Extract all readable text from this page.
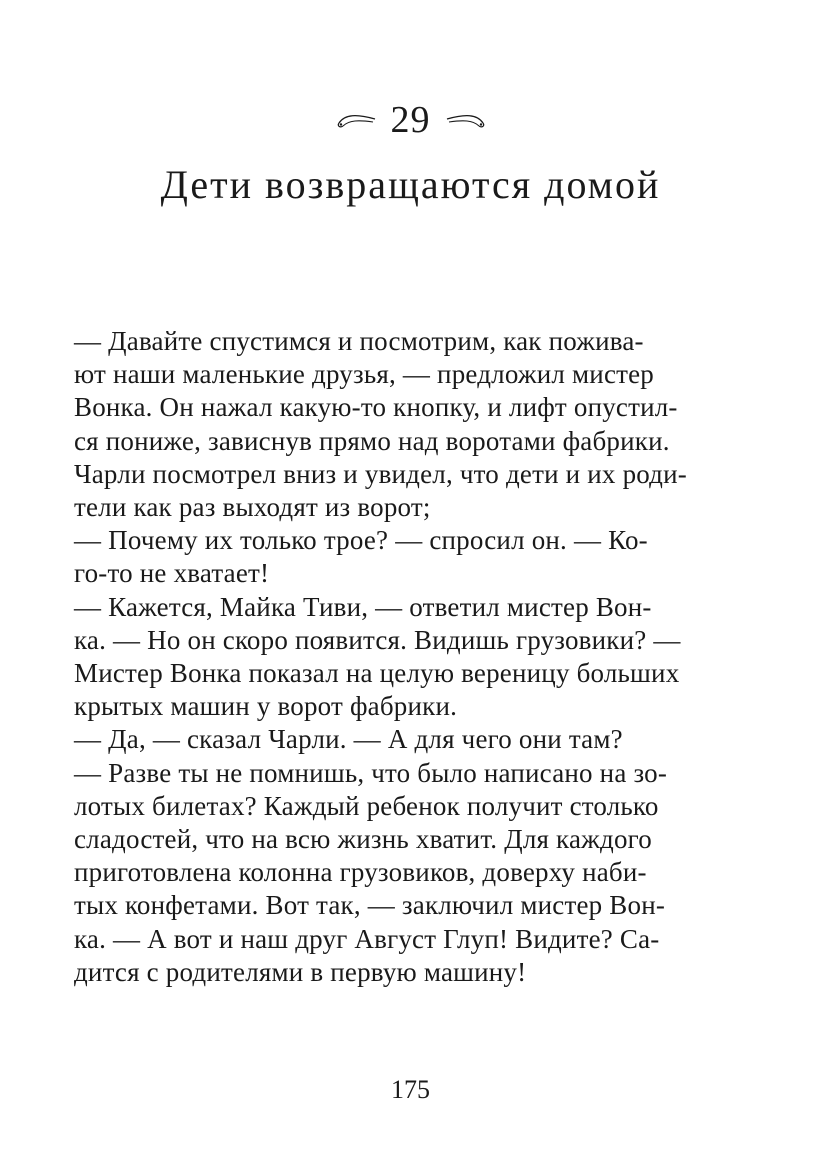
29
Дети возвращаются домой
— Давайте спустимся и посмотрим, как пожива-
ют наши маленькие друзья, — предложил мистер
Вонка. Он нажал какую-то кнопку, и лифт опустил-
ся пониже, зависнув прямо над воротами фабрики.
Чарли посмотрел вниз и увидел, что дети и их роди-
тели как раз выходят из ворот;
— Почему их только трое? — спросил он. — Ко-
го-то не хватает!
— Кажется, Майка Тиви, — ответил мистер Вон-
ка. — Но он скоро появится. Видишь грузовики? —
Мистер Вонка показал на целую вереницу больших
крытых машин у ворот фабрики.
— Да, — сказал Чарли. — А для чего они там?
— Разве ты не помнишь, что было написано на зо-
лотых билетах? Каждый ребенок получит столько
сладостей, что на всю жизнь хватит. Для каждого
приготовлена колонна грузовиков, доверху наби-
тых конфетами. Вот так, — заключил мистер Вон-
ка. — А вот и наш друг Август Глуп! Видите? Са-
дится с родителями в первую машину!
175
